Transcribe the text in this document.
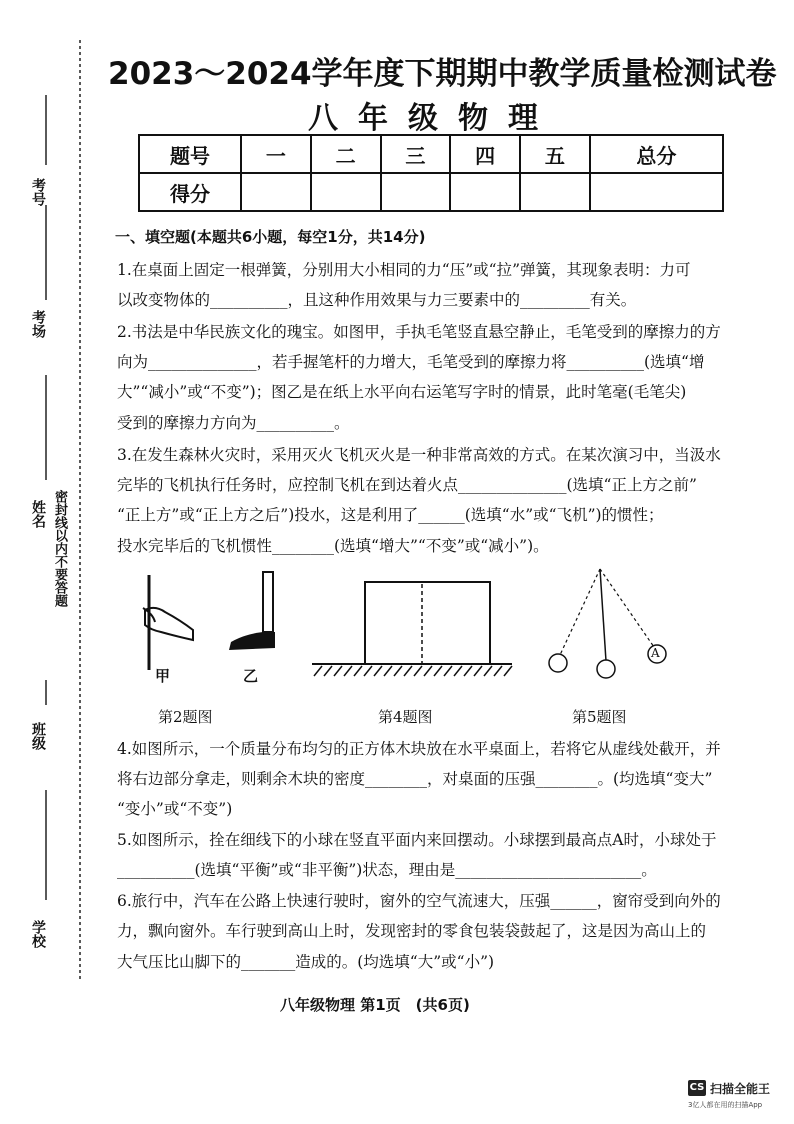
考号
考场
姓名
班级
学校
密封线以内不要答题
2023～2024学年度下期期中教学质量检测试卷
八年级物理
题号	一	二	三	四	五	总分
得分						
一、填空题(本题共6小题，每空1分，共14分)
1.在桌面上固定一根弹簧，分别用大小相同的力“压”或“拉”弹簧，其现象表明：力可
以改变物体的__________，且这种作用效果与力三要素中的_________有关。
2.书法是中华民族文化的瑰宝。如图甲，手执毛笔竖直悬空静止，毛笔受到的摩擦力的方
向为______________，若手握笔杆的力增大，毛笔受到的摩擦力将__________(选填“增
大”“减小”或“不变”)；图乙是在纸上水平向右运笔写字时的情景，此时笔毫(毛笔尖)
受到的摩擦力方向为__________。
3.在发生森林火灾时，采用灭火飞机灭火是一种非常高效的方式。在某次演习中，当汲水
完毕的飞机执行任务时，应控制飞机在到达着火点______________(选填“正上方之前”
“正上方”或“正上方之后”)投水，这是利用了______(选填“水”或“飞机”)的惯性；
投水完毕后的飞机惯性________(选填“增大”“不变”或“减小”)。
甲	乙
A
第2题图	第4题图	第5题图
4.如图所示，一个质量分布均匀的正方体木块放在水平桌面上，若将它从虚线处截开，并
将右边部分拿走，则剩余木块的密度________，对桌面的压强________。(均选填“变大”
“变小”或“不变”)
5.如图所示，拴在细线下的小球在竖直平面内来回摆动。小球摆到最高点A时，小球处于
__________(选填“平衡”或“非平衡”)状态，理由是________________________。
6.旅行中，汽车在公路上快速行驶时，窗外的空气流速大，压强______，窗帘受到向外的
力，飘向窗外。车行驶到高山上时，发现密封的零食包装袋鼓起了，这是因为高山上的
大气压比山脚下的_______造成的。(均选填“大”或“小”)
八年级物理 第1页　(共6页)
CS 扫描全能王
3亿人都在用的扫描App
